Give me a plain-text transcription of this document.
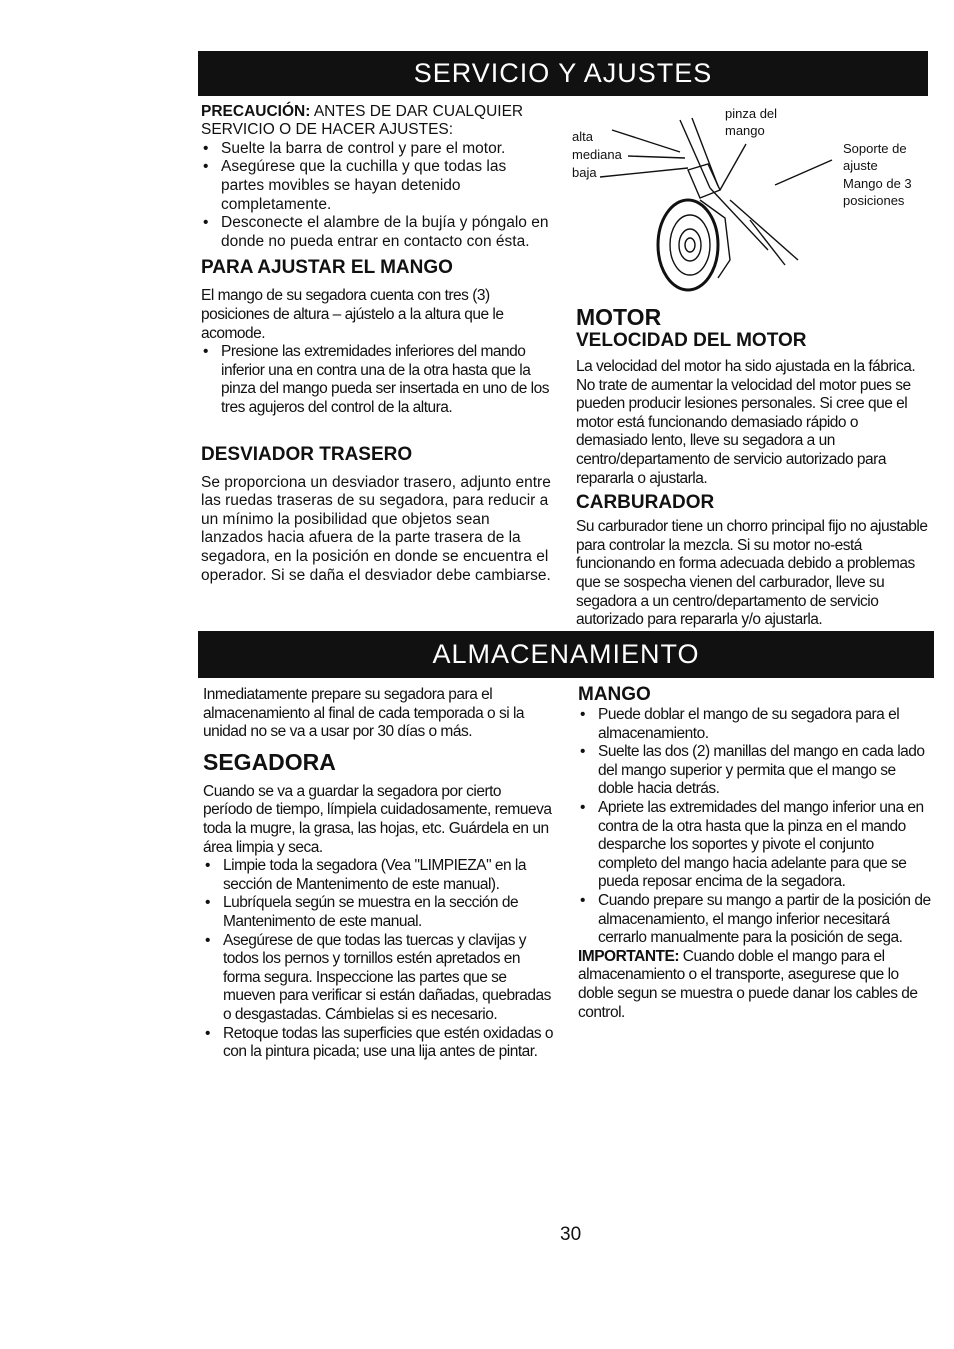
SERVICIO Y AJUSTES

PRECAUCIÓN: ANTES DE DAR CUALQUIER SERVICIO O DE HACER AJUSTES:

• Suelte la barra de control y pare el motor.
• Asegúrese que la cuchilla y que todas las partes movibles se hayan detenido completamente.
• Desconecte el alambre de la bujía y póngalo en donde no pueda entrar en contacto con ésta.
PARA AJUSTAR EL MANGO

El mango de su segadora cuenta con tres (3) posiciones de altura – ajústelo a la altura que le acomode.

• Presione las extremidades inferiores del mando inferior una en contra una de la otra hasta que la pinza del mango pueda ser insertada en uno de los tres agujeros del control de la altura.
DESVIADOR TRASERO

Se proporciona un desviador trasero, adjunto entre las ruedas traseras de su segadora, para reducir a un mínimo la posibilidad que objetos sean lanzados hacia afuera de la parte trasera de la segadora, en la posición en donde se encuentra el operador. Si se daña el desviador debe cambiarse.

alta
mediana
baja
pinza del mango
Soporte de ajuste
Mango de 3 posiciones
MOTOR
VELOCIDAD DEL MOTOR

La velocidad del motor ha sido ajustada en la fábrica. No trate de aumentar la velocidad del motor pues se pueden producir lesiones personales. Si cree que el motor está funcionando demasiado rápido o demasiado lento, lleve su segadora a un centro/departamento de servicio autorizado para repararla o ajustarla.

CARBURADOR

Su carburador tiene un chorro principal fijo no ajustable para controlar la mezcla. Si su motor no-está funcionando en forma adecuada debido a problemas que se sospecha vienen del carburador, lleve su segadora a un centro/departamento de servicio autorizado para repararla y/o ajustarla.

ALMACENAMIENTO

Inmediatamente prepare su segadora para el almacenamiento al final de cada temporada o si la unidad no se va a usar por 30 días o más.

SEGADORA

Cuando se va a guardar la segadora por cierto período de tiempo, límpiela cuidadosamente, remueva toda la mugre, la grasa, las hojas, etc. Guárdela en un área limpia y seca.

• Limpie toda la segadora (Vea "LIMPIEZA" en la sección de Mantenimento de este manual).
• Lubríquela según se muestra en la sección de Mantenimento de este manual.
• Asegúrese de que todas las tuercas y clavijas y todos los pernos y tornillos estén apretados en forma segura. Inspeccione las partes que se mueven para verificar si están dañadas, quebradas o desgastadas. Cámbielas si es necesario.
• Retoque todas las superficies que estén oxidadas o con la pintura picada; use una lija antes de pintar.
MANGO
• Puede doblar el mango de su segadora para el almacenamiento.
• Suelte las dos (2) manillas del mango en cada lado del mango superior y permita que el mango se doble hacia detrás.
• Apriete las extremidades del mango inferior una en contra de la otra hasta que la pinza en el mando desparche los soportes y pivote el conjunto completo del mango hacia adelante para que se pueda reposar encima de la segadora.
• Cuando prepare su mango a partir de la posición de almacenamiento, el mango inferior necesitará cerrarlo manualmente para la posición de sega.

IMPORTANTE: Cuando doble el mango para el almacenamiento o el transporte, asegurese que lo doble segun se muestra o puede danar los cables de control.

30
